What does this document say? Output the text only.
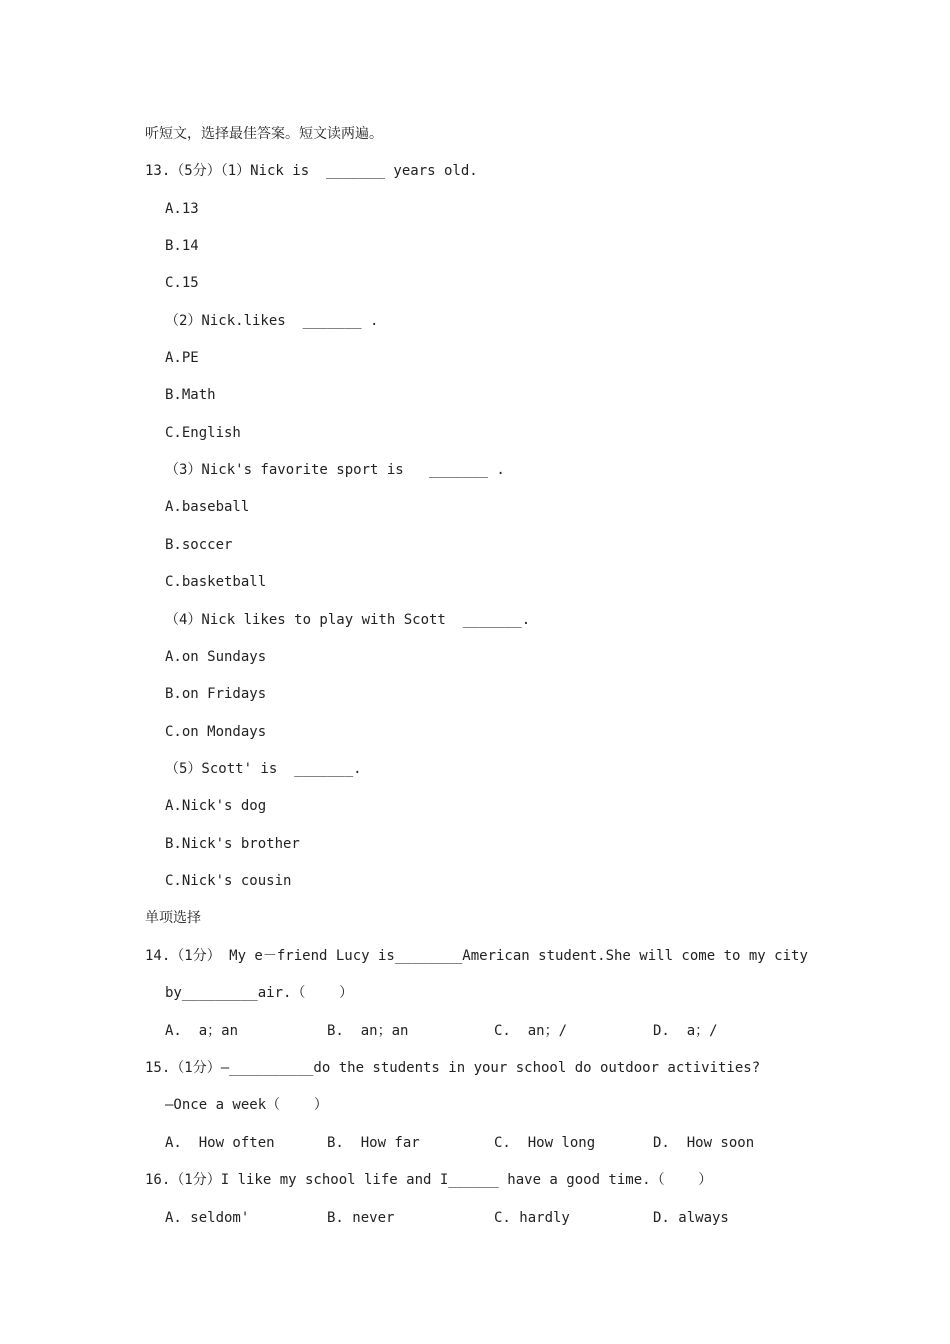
听短文，选择最佳答案。短文读两遍。
13.（5分）（1）Nick is  _______ years old.
A.13
B.14
C.15
（2）Nick.likes  _______ .
A.PE
B.Math
C.English
（3）Nick's favorite sport is   _______ .
A.baseball
B.soccer
C.basketball
（4）Nick likes to play with Scott  _______.
A.on Sundays
B.on Fridays
C.on Mondays
（5）Scott' is  _______.
A.Nick's dog
B.Nick's brother
C.Nick's cousin
单项选择
14.（1分） My e－friend Lucy is________American student.She will come to my city
by_________air.（    ）

A.  a；an

	B.  an；an

	C.  an；/

	D.  a；/

15.（1分）—__________do the students in your school do outdoor activities?
—Once a week（    ）

A.  How often

	B.  How far

	C.  How long

	D.  How soon

16.（1分）I like my school life and I______ have a good time.（    ）

A. seldom'

	B. never

	C. hardly

	D. always
